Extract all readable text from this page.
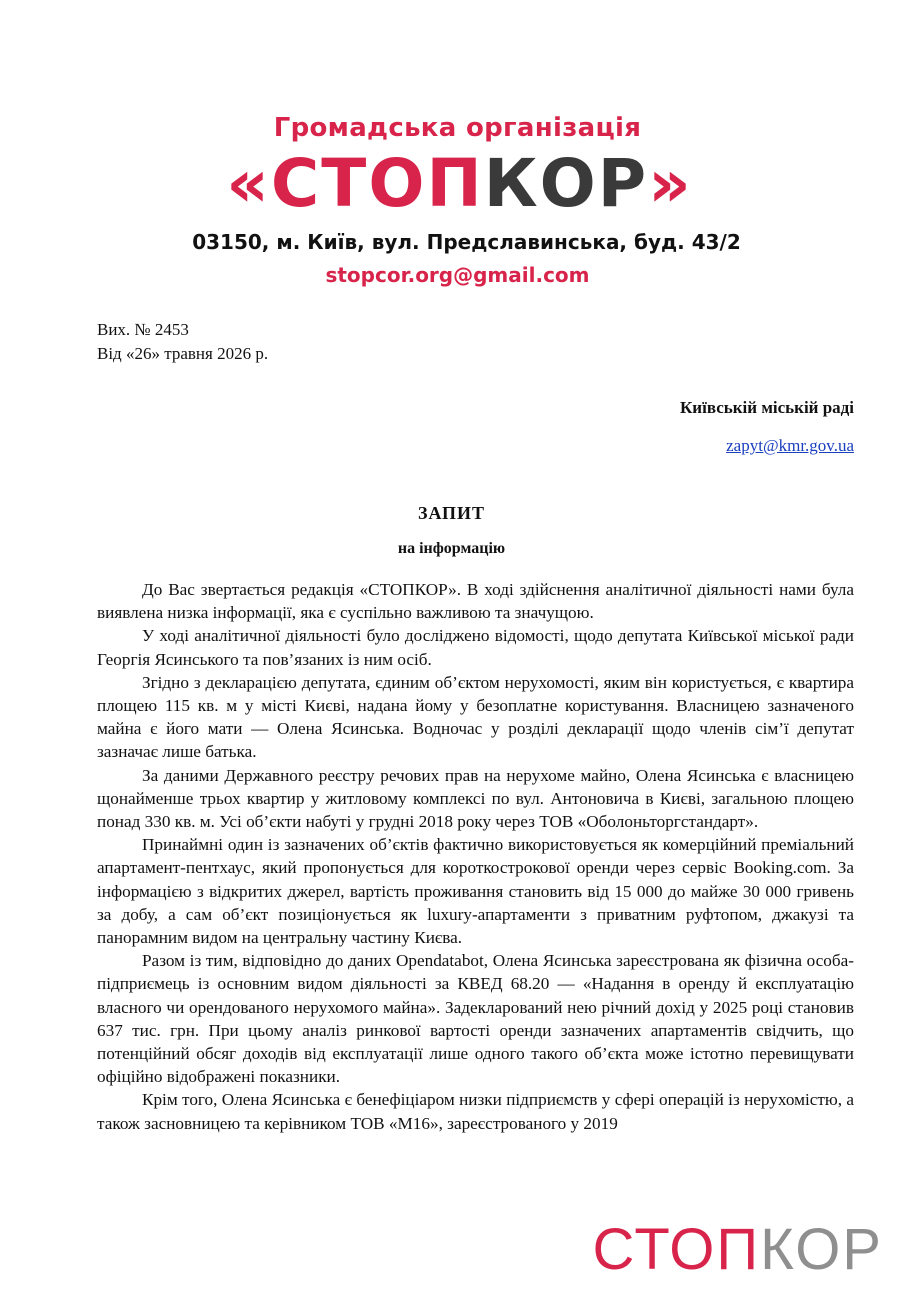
Громадська організація
«СТОПКОР»
03150, м. Київ, вул. Предславинська, буд. 43/2
stopcor.org@gmail.com
Вих. № 2453
Від «26» травня 2026 р.
Київській міській раді
zapyt@kmr.gov.ua
ЗАПИТ
на інформацію

До Вас звертається редакція «СТОПКОР». В ході здійснення аналітичної діяльності нами була виявлена низка інформації, яка є суспільно важливою та значущою.

У ході аналітичної діяльності було досліджено відомості, щодо депутата Київської міської ради Георгія Ясинського та пов’язаних із ним осіб.

Згідно з декларацією депутата, єдиним об’єктом нерухомості, яким він користується, є квартира площею 115 кв. м у місті Києві, надана йому у безоплатне користування. Власницею зазначеного майна є його мати — Олена Ясинська. Водночас у розділі декларації щодо членів сім’ї депутат зазначає лише батька.

За даними Державного реєстру речових прав на нерухоме майно, Олена Ясинська є власницею щонайменше трьох квартир у житловому комплексі по вул. Антоновича в Києві, загальною площею понад 330 кв. м. Усі об’єкти набуті у грудні 2018 року через ТОВ «Оболоньторгстандарт».

Принаймні один із зазначених об’єктів фактично використовується як комерційний преміальний апартамент-пентхаус, який пропонується для короткострокової оренди через сервіс Booking.com. За інформацією з відкритих джерел, вартість проживання становить від 15 000 до майже 30 000 гривень за добу, а сам об’єкт позиціонується як luxury-апартаменти з приватним руфтопом, джакузі та панорамним видом на центральну частину Києва.

Разом із тим, відповідно до даних Opendatabot, Олена Ясинська зареєстрована як фізична особа-підприємець із основним видом діяльності за КВЕД 68.20 — «Надання в оренду й експлуатацію власного чи орендованого нерухомого майна». Задекларований нею річний дохід у 2025 році становив 637 тис. грн. При цьому аналіз ринкової вартості оренди зазначених апартаментів свідчить, що потенційний обсяг доходів від експлуатації лише одного такого об’єкта може істотно перевищувати офіційно відображені показники.

Крім того, Олена Ясинська є бенефіціаром низки підприємств у сфері операцій із нерухомістю, а також засновницею та керівником ТОВ «М16», зареєстрованого у 2019

СТОПКОР
